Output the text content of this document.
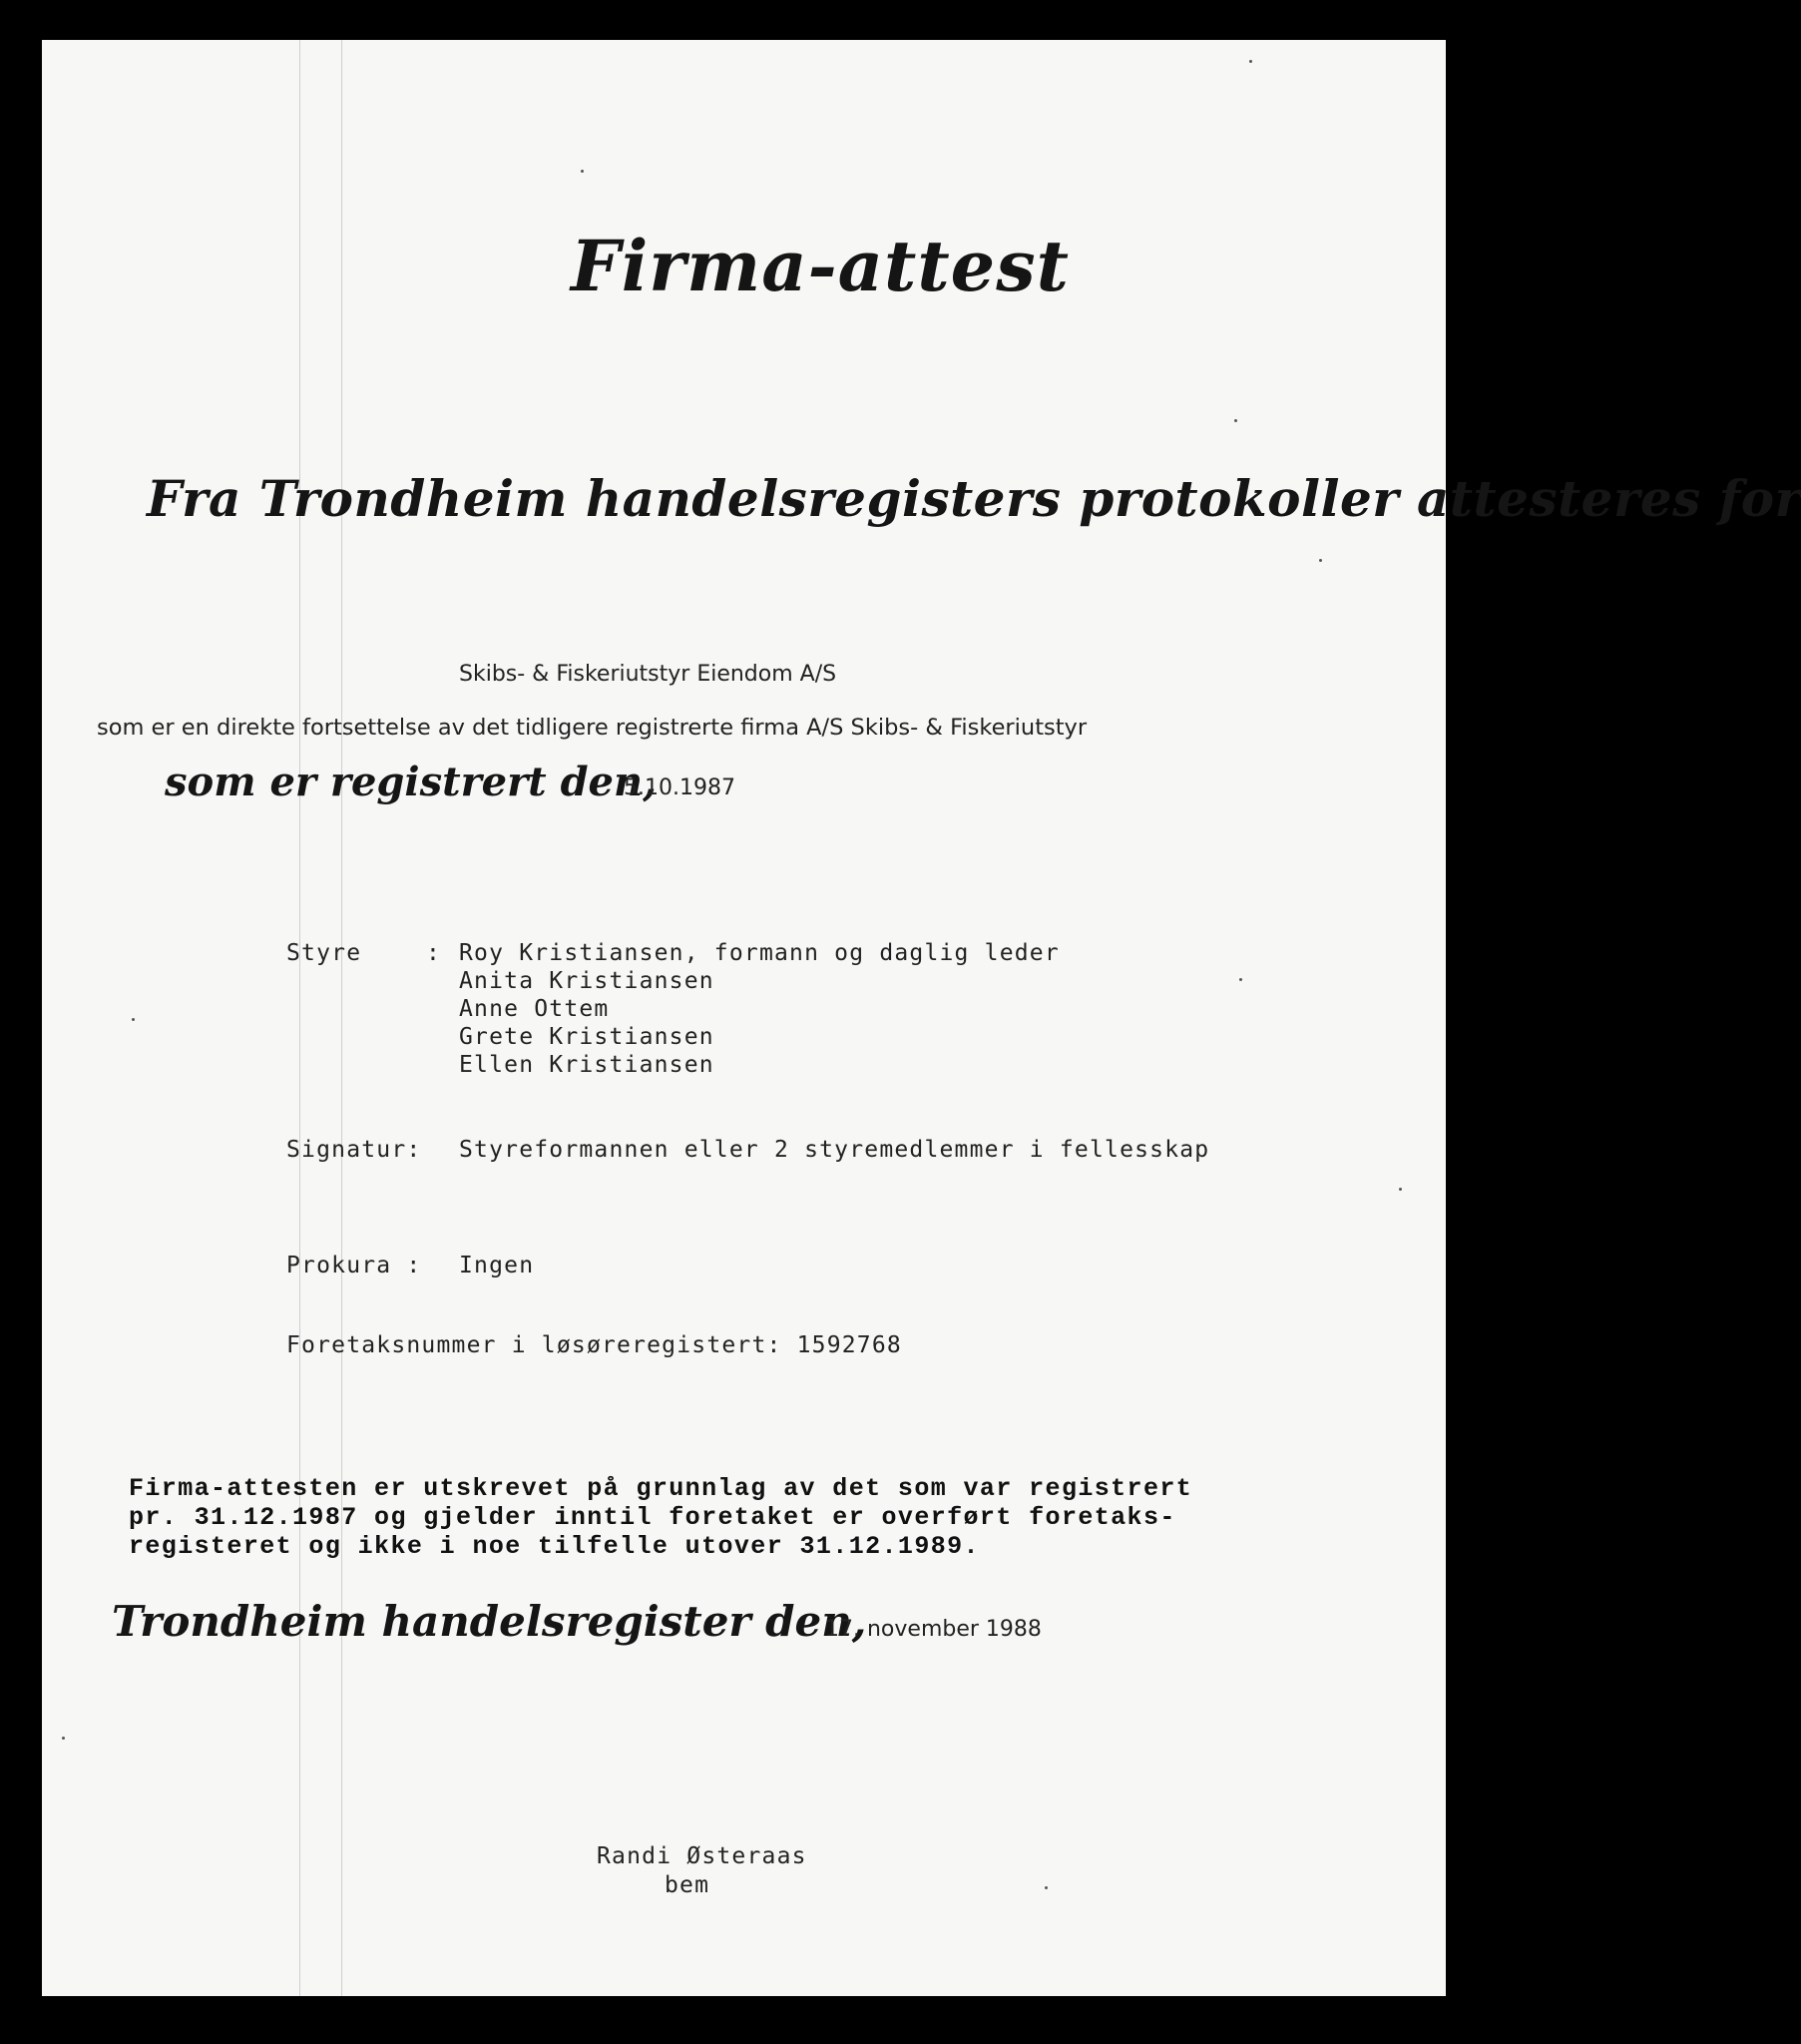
Firma-attest
Fra Trondheim handelsregisters protokoller attesteres for
Skibs- & Fiskeriutstyr Eiendom A/S
som er en direkte fortsettelse av det tidligere registrerte firma A/S Skibs- & Fiskeriutstyr
som er registrert den,
5.10.1987
Styre	: Roy Kristiansen, formann og daglig leder
Anita Kristiansen
Anne Ottem
Grete Kristiansen
Ellen Kristiansen
Signatur: Styreformannen eller 2 styremedlemmer i fellesskap
Prokura : Ingen
Foretaksnummer i løsøreregistert: 1592768
Firma-attesten er utskrevet på grunnlag av det som var registrert
pr. 31.12.1987 og gjelder inntil foretaket er overført foretaks-
registeret og ikke i noe tilfelle utover 31.12.1989.
Trondheim handelsregister den,
17. november 1988
Randi Østeraas
bem
